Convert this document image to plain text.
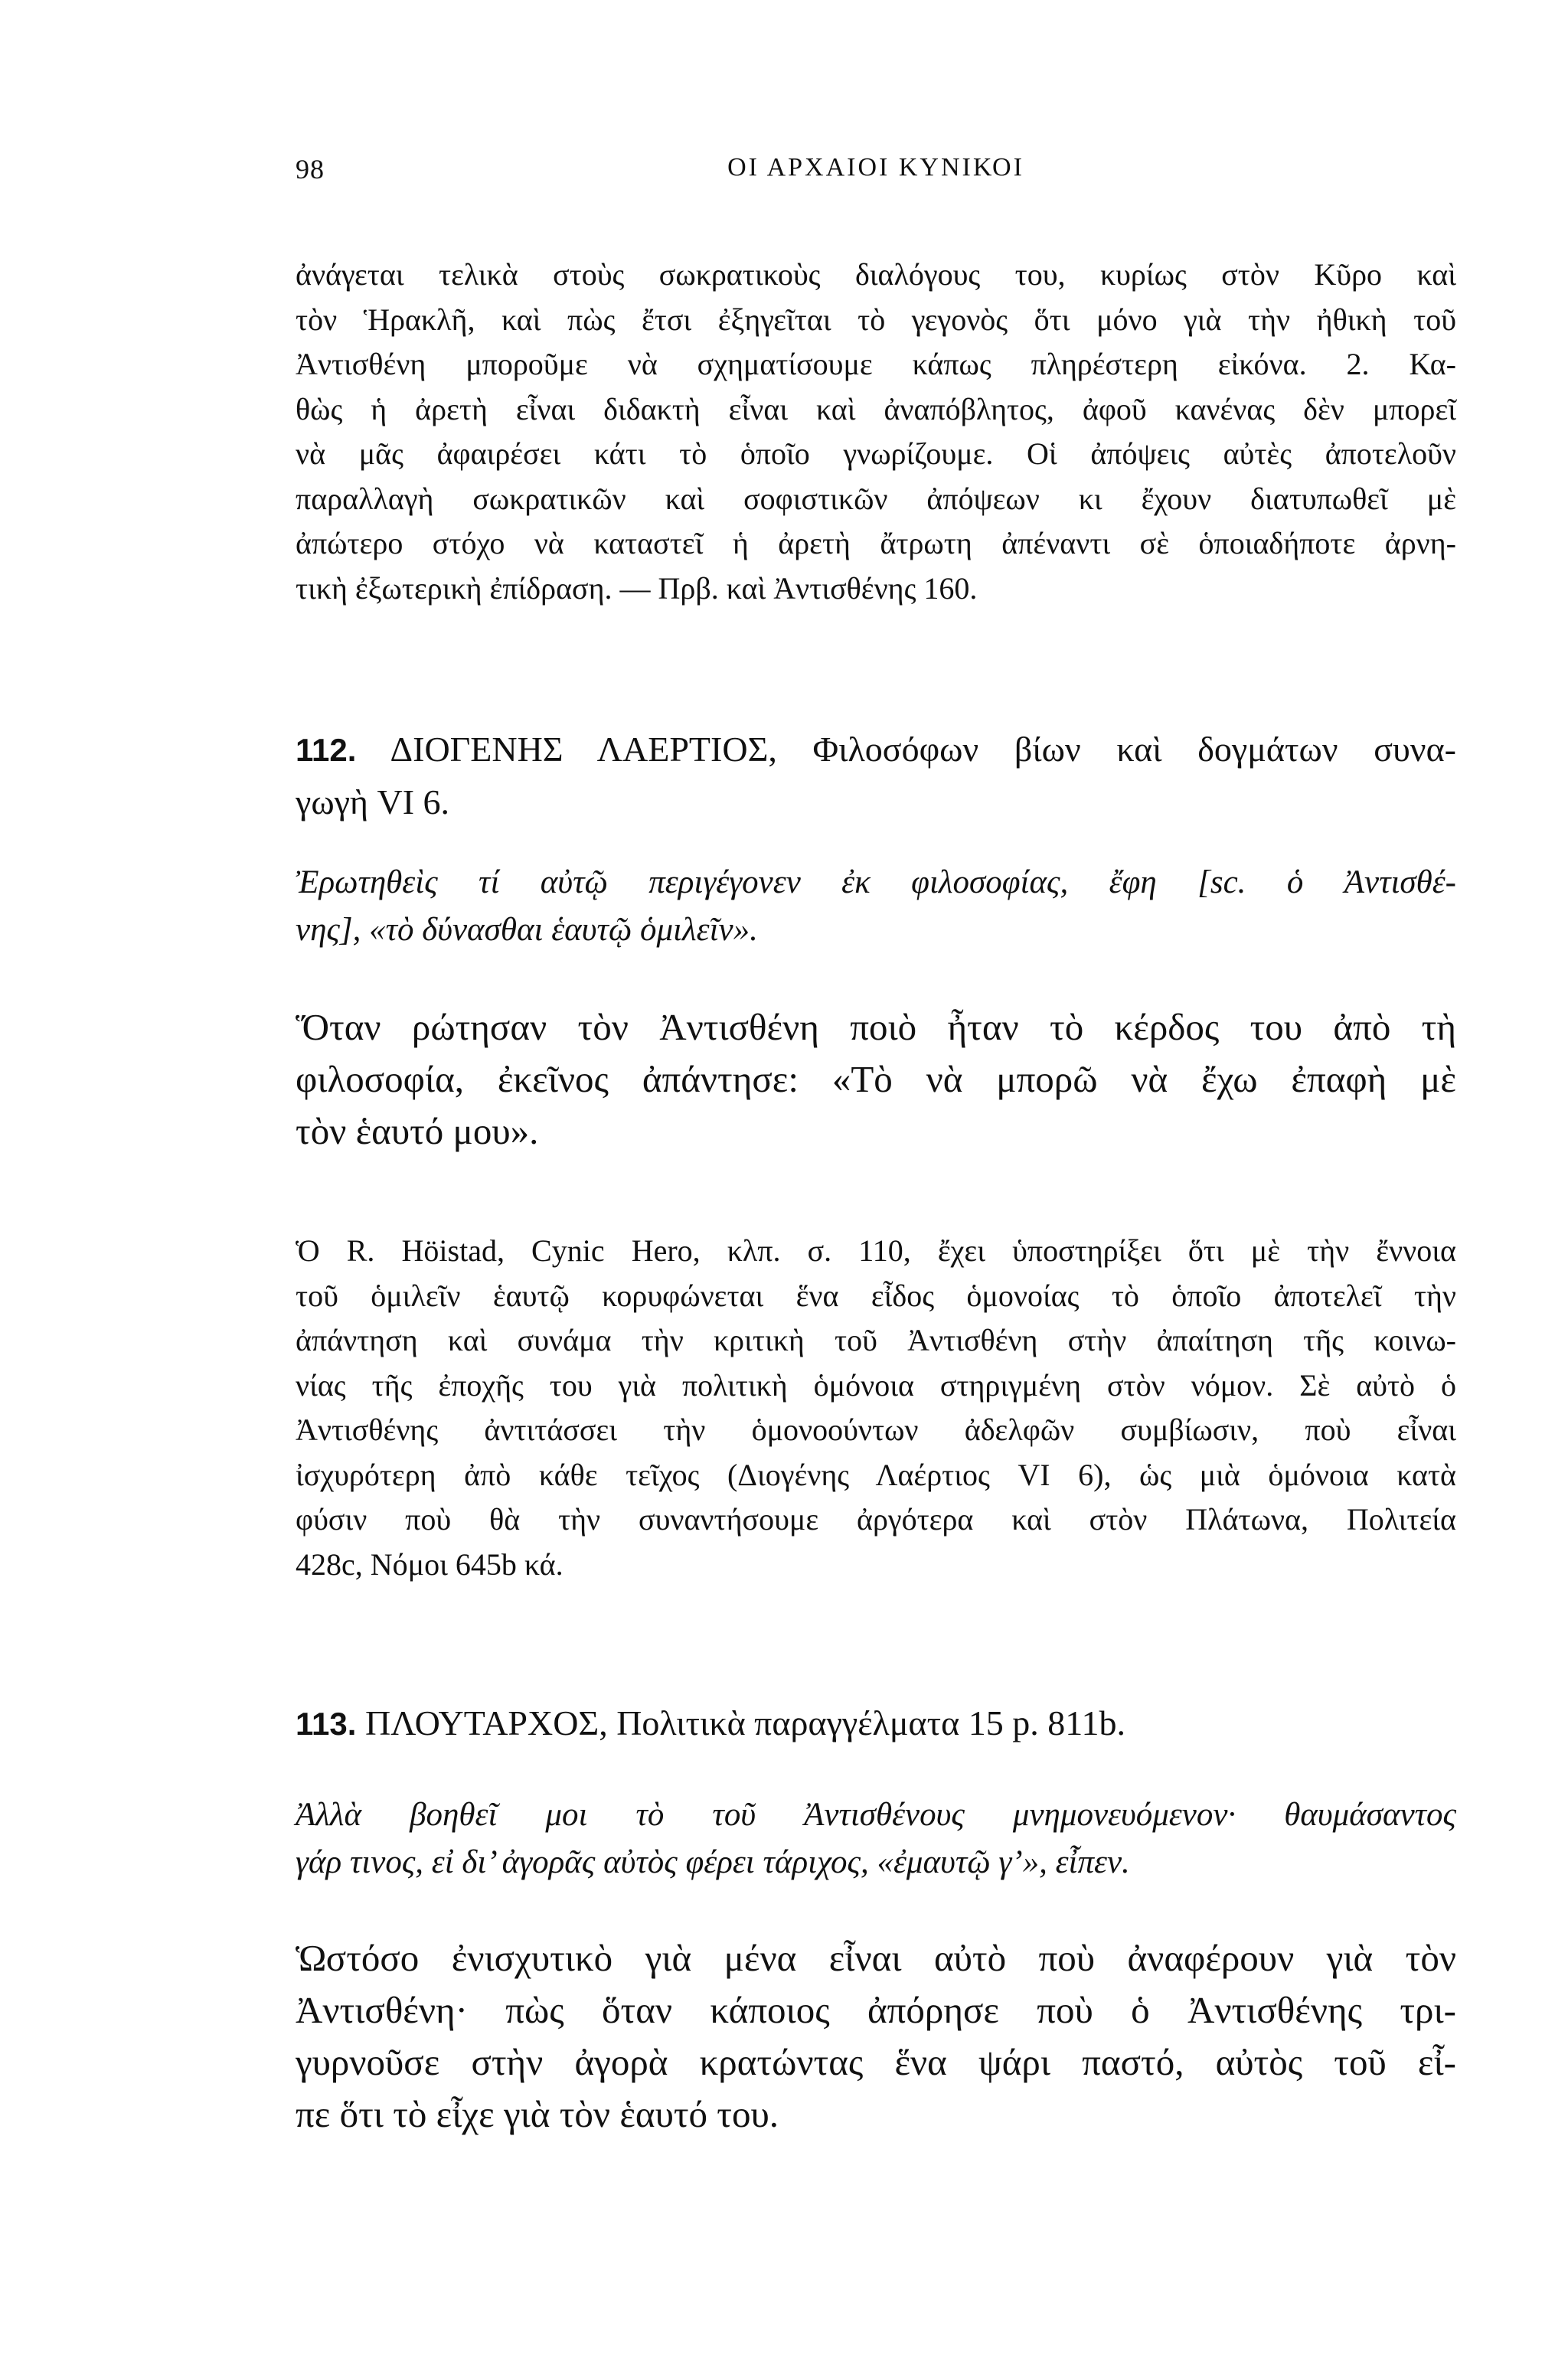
98	ΟΙ ΑΡΧΑΙΟΙ ΚΥΝΙΚΟΙ
ἀνάγεται τελικὰ στοὺς σωκρατικοὺς διαλόγους του, κυρίως στὸν Κῦρο καὶ
τὸν Ἡρακλῆ, καὶ πὼς ἔτσι ἐξηγεῖται τὸ γεγονὸς ὅτι μόνο γιὰ τὴν ἠθικὴ τοῦ
Ἀντισθένη μποροῦμε νὰ σχηματίσουμε κάπως πληρέστερη εἰκόνα. 2. Κα-
θὼς ἡ ἀρετὴ εἶναι διδακτὴ εἶναι καὶ ἀναπόβλητος, ἀφοῦ κανένας δὲν μπορεῖ
νὰ μᾶς ἀφαιρέσει κάτι τὸ ὁποῖο γνωρίζουμε. Οἱ ἀπόψεις αὐτὲς ἀποτελοῦν
παραλλαγὴ σωκρατικῶν καὶ σοφιστικῶν ἀπόψεων κι ἔχουν διατυπωθεῖ μὲ
ἀπώτερο στόχο νὰ καταστεῖ ἡ ἀρετὴ ἄτρωτη ἀπέναντι σὲ ὁποιαδήποτε ἀρνη-
τικὴ ἐξωτερικὴ ἐπίδραση. — Πρβ. καὶ Ἀντισθένης 160.
112. ΔΙΟΓΕΝΗΣ ΛΑΕΡΤΙΟΣ, Φιλοσόφων βίων καὶ δογμάτων συνα-
γωγὴ VI 6.
Ἐρωτηθεὶς τί αὐτῷ περιγέγονεν ἐκ φιλοσοφίας, ἔφη [sc. ὁ Ἀντισθέ-
νης], «τὸ δύνασθαι ἑαυτῷ ὁμιλεῖν».
Ὅταν ρώτησαν τὸν Ἀντισθένη ποιὸ ἦταν τὸ κέρδος του ἀπὸ τὴ
φιλοσοφία, ἐκεῖνος ἀπάντησε: «Τὸ νὰ μπορῶ νὰ ἔχω ἐπαφὴ μὲ
τὸν ἑαυτό μου».
Ὁ R. Höistad, Cynic Hero, κλπ. σ. 110, ἔχει ὑποστηρίξει ὅτι μὲ τὴν ἔννοια
τοῦ ὁμιλεῖν ἑαυτῷ κορυφώνεται ἕνα εἶδος ὁμονοίας τὸ ὁποῖο ἀποτελεῖ τὴν
ἀπάντηση καὶ συνάμα τὴν κριτικὴ τοῦ Ἀντισθένη στὴν ἀπαίτηση τῆς κοινω-
νίας τῆς ἐποχῆς του γιὰ πολιτικὴ ὁμόνοια στηριγμένη στὸν νόμον. Σὲ αὐτὸ ὁ
Ἀντισθένης ἀντιτάσσει τὴν ὁμονοούντων ἀδελφῶν συμβίωσιν, ποὺ εἶναι
ἰσχυρότερη ἀπὸ κάθε τεῖχος (Διογένης Λαέρτιος VI 6), ὡς μιὰ ὁμόνοια κατὰ
φύσιν ποὺ θὰ τὴν συναντήσουμε ἀργότερα καὶ στὸν Πλάτωνα, Πολιτεία
428c, Νόμοι 645b κά.
113. ΠΛΟΥΤΑΡΧΟΣ, Πολιτικὰ παραγγέλματα 15 p. 811b.
Ἀλλὰ βοηθεῖ μοι τὸ τοῦ Ἀντισθένους μνημονευόμενον· θαυμάσαντος
γάρ τινος, εἰ δι’ ἀγορᾶς αὐτὸς φέρει τάριχος, «ἐμαυτῷ γ’», εἶπεν.
Ὡστόσο ἐνισχυτικὸ γιὰ μένα εἶναι αὐτὸ ποὺ ἀναφέρουν γιὰ τὸν
Ἀντισθένη· πὼς ὅταν κάποιος ἀπόρησε ποὺ ὁ Ἀντισθένης τρι-
γυρνοῦσε στὴν ἀγορὰ κρατώντας ἕνα ψάρι παστό, αὐτὸς τοῦ εἶ-
πε ὅτι τὸ εἶχε γιὰ τὸν ἑαυτό του.
